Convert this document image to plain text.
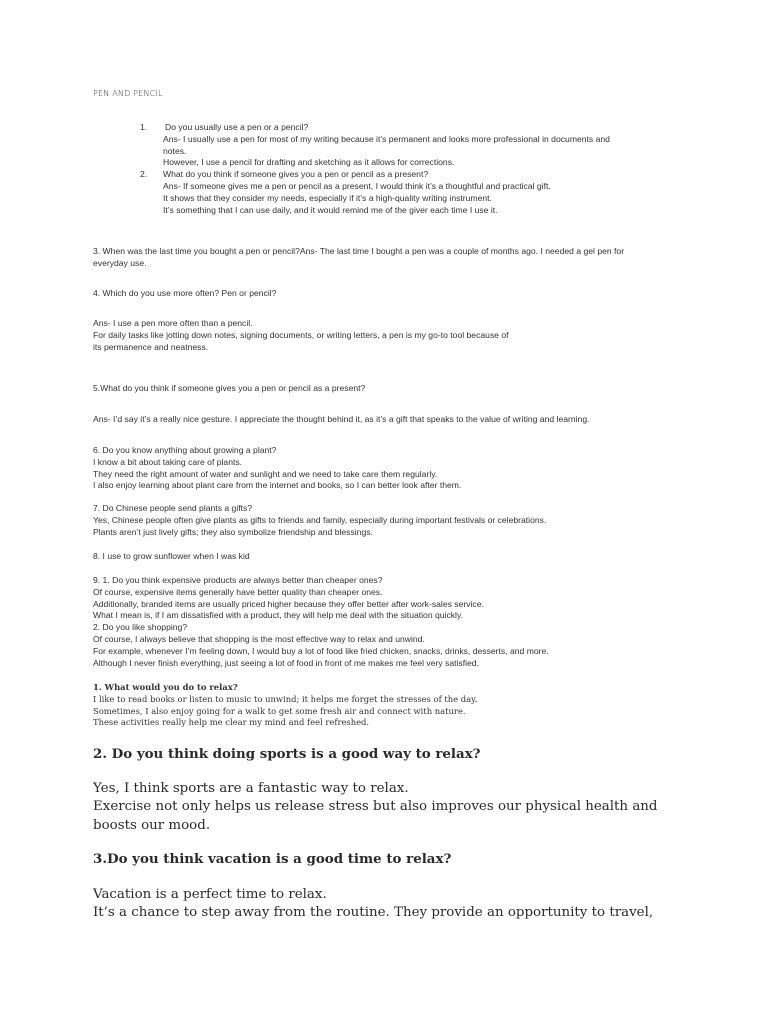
PEN AND PENCIL
1.	Do you usually use a pen or a pencil?
Ans- I usually use a pen for most of my writing because it’s permanent and looks more professional in documents and
notes.
However, I use a pencil for drafting and sketching as it allows for corrections.
2.	What do you think if someone gives you a pen or pencil as a present?
Ans- If someone gives me a pen or pencil as a present, I would think it’s a thoughtful and practical gift.
It shows that they consider my needs, especially if it’s a high-quality writing instrument.
It’s something that I can use daily, and it would remind me of the giver each time I use it.
3. When was the last time you bought a pen or pencil?Ans- The last time I bought a pen was a couple of months ago. I needed a gel pen for
everyday use.
4. Which do you use more often? Pen or pencil?
Ans- I use a pen more often than a pencil.
For daily tasks like jotting down notes, signing documents, or writing letters, a pen is my go-to tool because of
its permanence and neatness.
5.What do you think if someone gives you a pen or pencil as a present?
Ans- I’d say it’s a really nice gesture. I appreciate the thought behind it, as it’s a gift that speaks to the value of writing and learning.
6. Do you know anything about growing a plant?
I know a bit about taking care of plants.
They need the right amount of water and sunlight and we need to take care them regularly.
I also enjoy learning about plant care from the internet and books, so I can better look after them.
7. Do Chinese people send plants a gifts?
Yes, Chinese people often give plants as gifts to friends and family, especially during important festivals or celebrations.
Plants aren’t just lively gifts; they also symbolize friendship and blessings.
8. I use to grow sunflower when I was kid
9. 1. Do you think expensive products are always better than cheaper ones?
Of course, expensive items generally have better quality than cheaper ones.
Additionally, branded items are usually priced higher because they offer better after work-sales service.
What I mean is, if I am dissatisfied with a product, they will help me deal with the situation quickly.
2. Do you like shopping?
Of course, I always believe that shopping is the most effective way to relax and unwind.
For example, whenever I’m feeling down, I would buy a lot of food like fried chicken, snacks, drinks, desserts, and more.
Although I never finish everything, just seeing a lot of food in front of me makes me feel very satisfied.
1. What would you do to relax?
I like to read books or listen to music to unwind; it helps me forget the stresses of the day.
Sometimes, I also enjoy going for a walk to get some fresh air and connect with nature.
These activities really help me clear my mind and feel refreshed.
2. Do you think doing sports is a good way to relax?
Yes, I think sports are a fantastic way to relax.
Exercise not only helps us release stress but also improves our physical health and
boosts our mood.
3.Do you think vacation is a good time to relax?
Vacation is a perfect time to relax.
It’s a chance to step away from the routine. They provide an opportunity to travel,
